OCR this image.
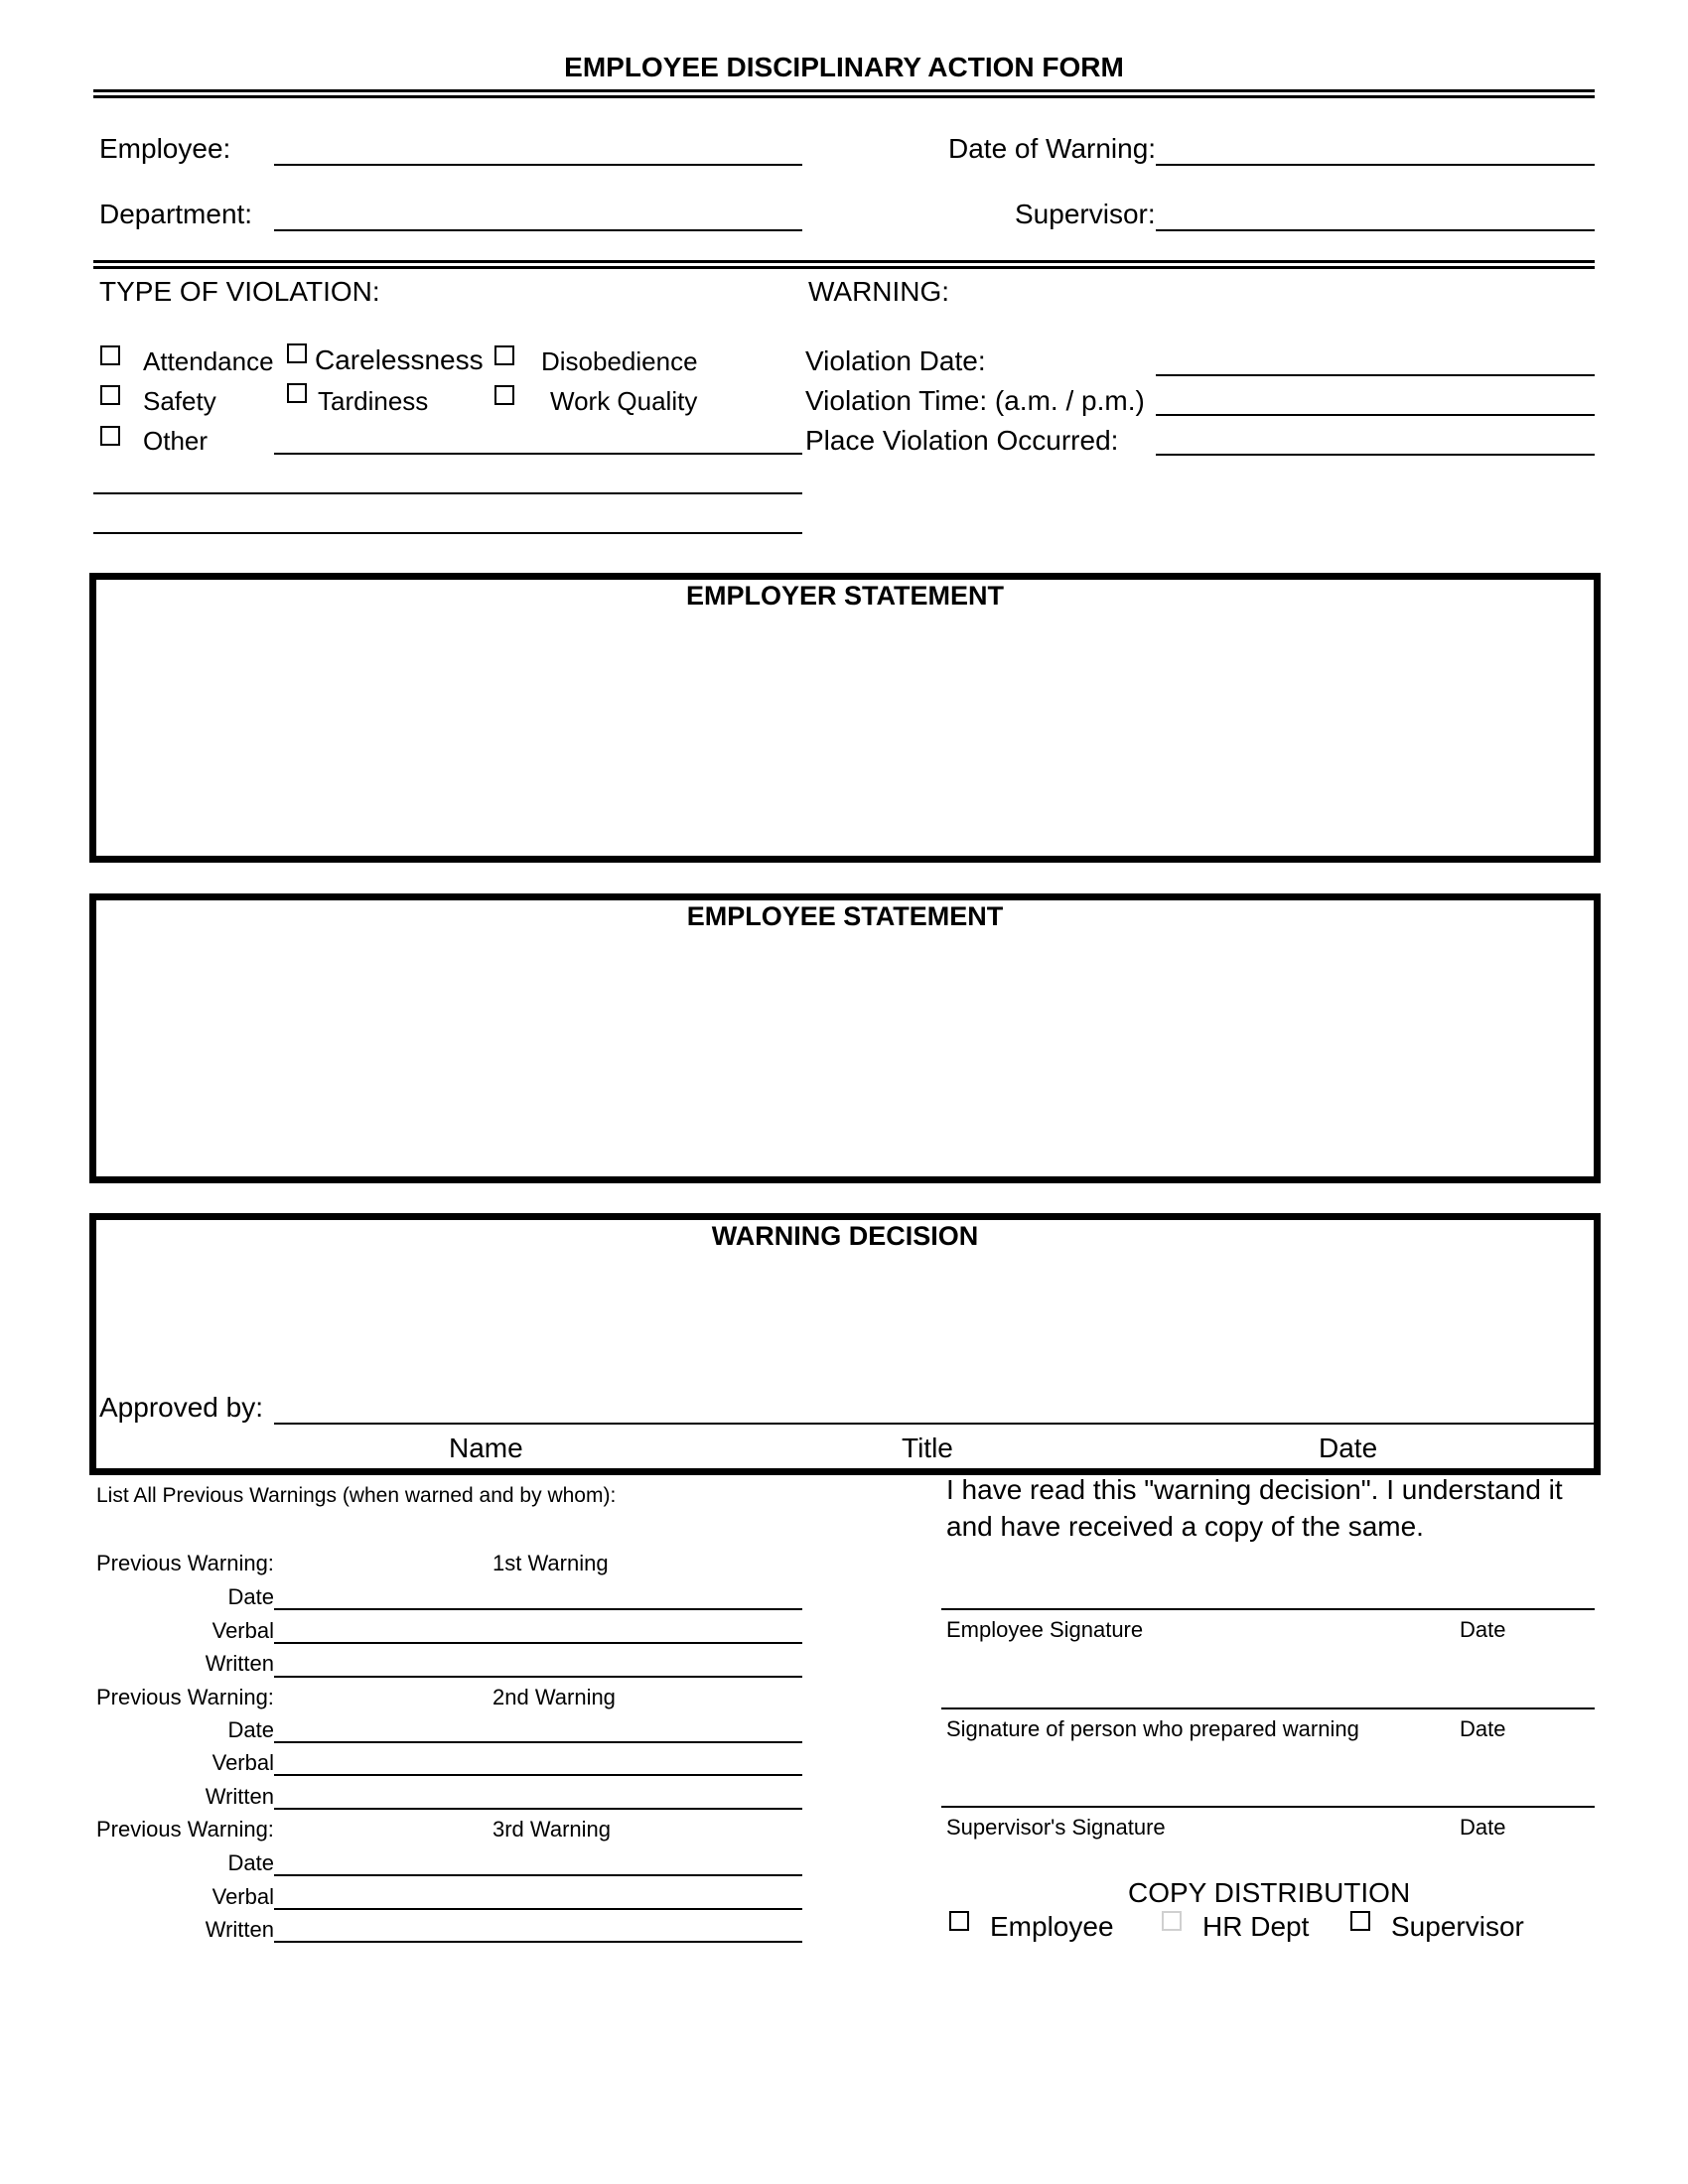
EMPLOYEE DISCIPLINARY ACTION FORM
Employee:
Department:
Date of Warning:
Supervisor:
TYPE OF VIOLATION:
Attendance Carelessness Disobedience
Safety	Tardiness	Work Quality
Other
WARNING:
Violation Date:
Violation Time: (a.m. / p.m.)
Place Violation Occurred:
EMPLOYER STATEMENT
EMPLOYEE STATEMENT
WARNING DECISION
Approved by:
Name	Title	Date
List All Previous Warnings (when warned and by whom):
Previous Warning:	1st Warning
Date
Verbal
Written
Previous Warning:	2nd Warning
Date
Verbal
Written
Previous Warning:	3rd Warning
Date
Verbal
Written
I have read this "warning decision". I understand it
and have received a copy of the same.
Employee Signature	Date
Signature of person who prepared warning	Date
Supervisor's Signature	Date
COPY DISTRIBUTION
Employee	HR Dept	Supervisor
